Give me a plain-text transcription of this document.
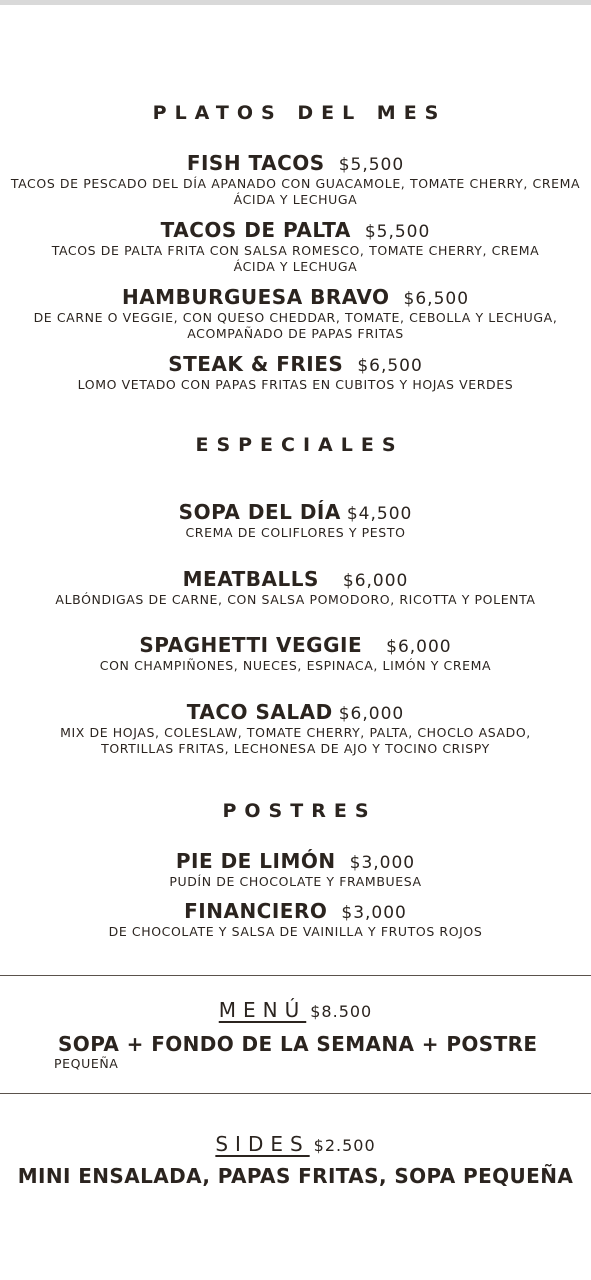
PLATOS DEL MES
FISH TACOS $5,500
TACOS DE PESCADO DEL DÍA APANADO CON GUACAMOLE, TOMATE CHERRY, CREMA ÁCIDA Y LECHUGA
TACOS DE PALTA $5,500
TACOS DE PALTA FRITA CON SALSA ROMESCO, TOMATE CHERRY, CREMA ÁCIDA Y LECHUGA
HAMBURGUESA BRAVO $6,500
DE CARNE O VEGGIE, CON QUESO CHEDDAR, TOMATE, CEBOLLA Y LECHUGA, ACOMPAÑADO DE PAPAS FRITAS
STEAK & FRIES $6,500
LOMO VETADO CON PAPAS FRITAS EN CUBITOS Y HOJAS VERDES
ESPECIALES
SOPA DEL DÍA $4,500
CREMA DE COLIFLORES Y PESTO
MEATBALLS $6,000
ALBÓNDIGAS DE CARNE, CON SALSA POMODORO, RICOTTA Y POLENTA
SPAGHETTI VEGGIE $6,000
CON CHAMPIÑONES, NUECES, ESPINACA, LIMÓN Y CREMA
TACO SALAD $6,000
MIX DE HOJAS, COLESLAW, TOMATE CHERRY, PALTA, CHOCLO ASADO, TORTILLAS FRITAS, LECHONESA DE AJO Y TOCINO CRISPY
POSTRES
PIE DE LIMÓN $3,000
PUDÍN DE CHOCOLATE Y FRAMBUESA
FINANCIERO $3,000
DE CHOCOLATE Y SALSA DE VAINILLA Y FRUTOS ROJOS
MENÚ $8.500
SOPA + FONDO DE LA SEMANA + POSTRE
PEQUEÑA
SIDES $2.500
MINI ENSALADA, PAPAS FRITAS, SOPA PEQUEÑA
